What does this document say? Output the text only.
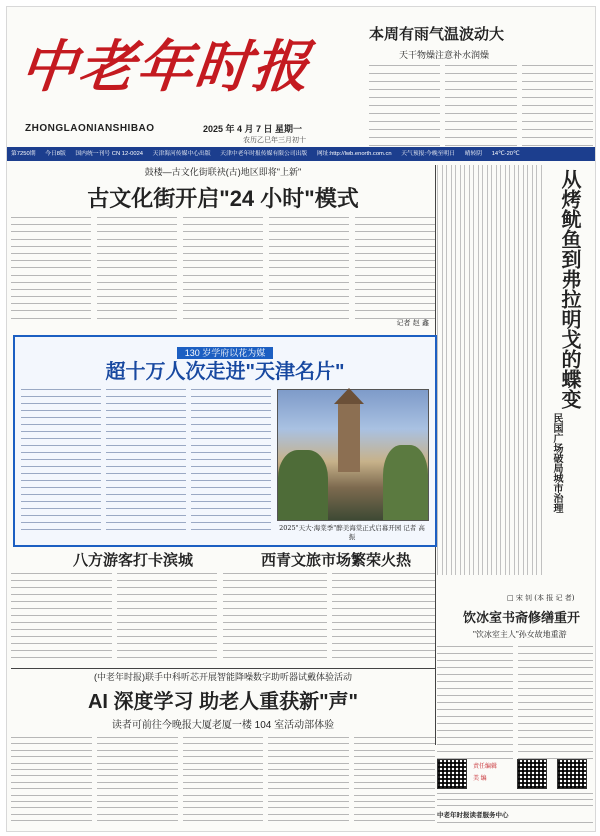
中老年时报
ZHONGLAONIANSHIBAO	2025 年 4 月 7 日 星期一
农历乙巳年三月初十
本周有雨气温波动大
天干物燥注意补水润燥
第7250期 今日8版 国内统一刊号 CN 12-0024 天津海河传媒中心出版 天津中老年时报传媒有限公司出版 网址:http://lwb.enorth.com.cn 天气预报:今晚至明日 晴转阴 14℃-20℃
鼓楼—古文化街联袂(古)地区即将"上新"
古文化街开启"24 小时"模式
记者 赵 鑫	从烤鱿鱼到弗拉明戈的蝶变
民国广场破局城市治理
□ 宋 钊 (本 报 记 者)
130 岁学府以花为媒
超十万人次走进"天津名片"
2025"天大·海棠季"醉美海棠正式启幕开园 记者 高 振
八方游客打卡滨城	西青文旅市场繁荣火热
饮冰室书斋修缮重开
"饮冰室主人"孙女故地重游
(中老年时报)联手中科听芯开展智能降噪数字助听器试戴体验活动
AI 深度学习 助老人重获新"声"
读者可前往今晚报大厦老厦一楼 104 室活动部体验
责任编辑
美 编
中老年时报读者服务中心
